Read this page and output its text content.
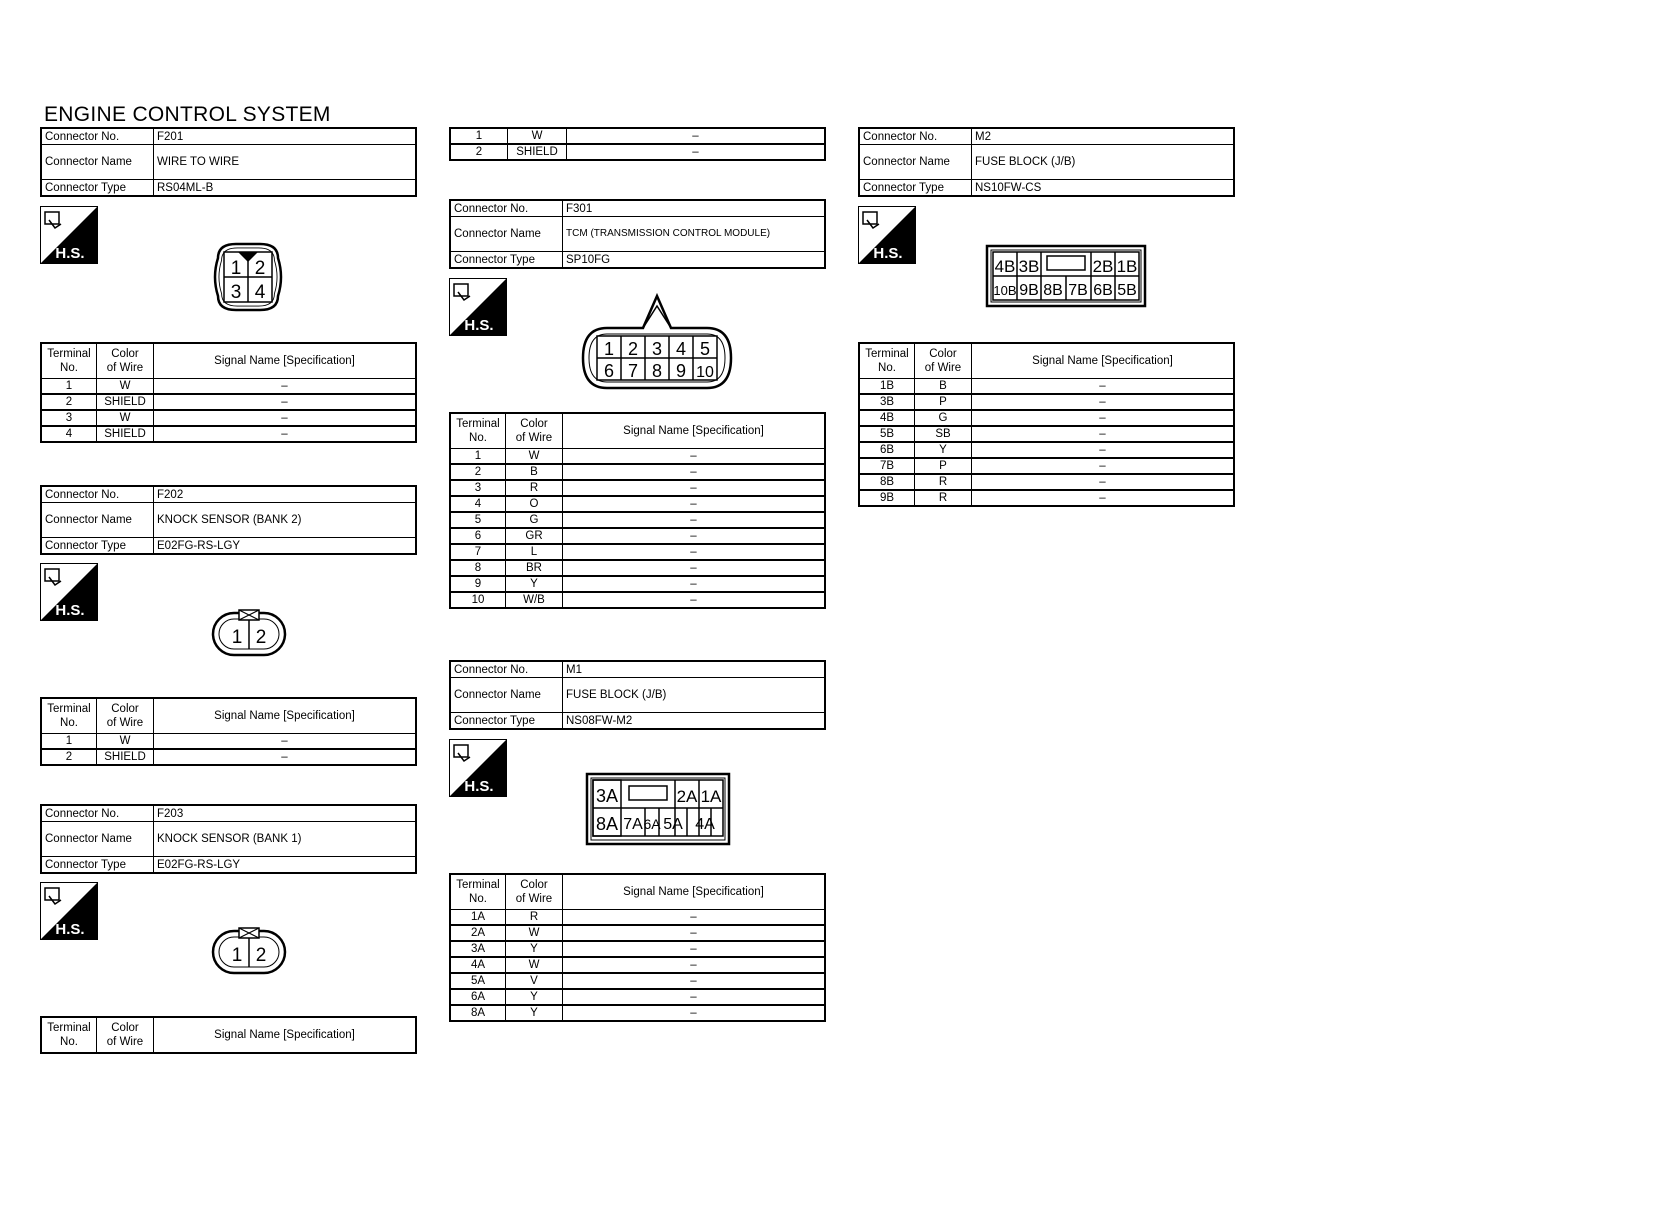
ENGINE CONTROL SYSTEM
Connector No.	F201
Connector Name	WIRE TO WIRE
Connector Type	RS04ML-B
H.S.
1 2
3 4
Terminal
No.	Color
of Wire	Signal Name [Specification]
1	W	–
2	SHIELD	–
3	W	–
4	SHIELD	–
Connector No.	F202
Connector Name	KNOCK SENSOR (BANK 2)
Connector Type	E02FG-RS-LGY
H.S.
1 2
Terminal
No.	Color
of Wire	Signal Name [Specification]
1	W	–
2	SHIELD	–
Connector No.	F203
Connector Name	KNOCK SENSOR (BANK 1)
Connector Type	E02FG-RS-LGY
H.S.
1 2
Terminal
No.	Color
of Wire	Signal Name [Specification]
1	W	–
2	SHIELD	–
Connector No.	F301
Connector Name	TCM (TRANSMISSION CONTROL MODULE)
Connector Type	SP10FG
H.S.
1 2 3 4 5
6 7 8 9 10
Terminal
No.	Color
of Wire	Signal Name [Specification]
1	W	–
2	B	–
3	R	–
4	O	–
5	G	–
6	GR	–
7	L	–
8	BR	–
9	Y	–
10	W/B	–
Connector No.	M1
Connector Name	FUSE BLOCK (J/B)
Connector Type	NS08FW-M2
H.S.	3A	2A 1A
8A 7A 6A 5A 4A
Terminal
No.	Color
of Wire	Signal Name [Specification]
1A	R	–
2A	W	–
3A	Y	–
4A	W	–
5A	V	–
6A	Y	–
8A	Y	–
Connector No.	M2
Connector Name	FUSE BLOCK (J/B)
Connector Type	NS10FW-CS
H.S.
4B 3B	2B 1B
10B 9B 8B 7B 6B 5B
Terminal
No.	Color
of Wire	Signal Name [Specification]
1B	B	–
3B	P	–
4B	G	–
5B	SB	–
6B	Y	–
7B	P	–
8B	R	–
9B	R	–
